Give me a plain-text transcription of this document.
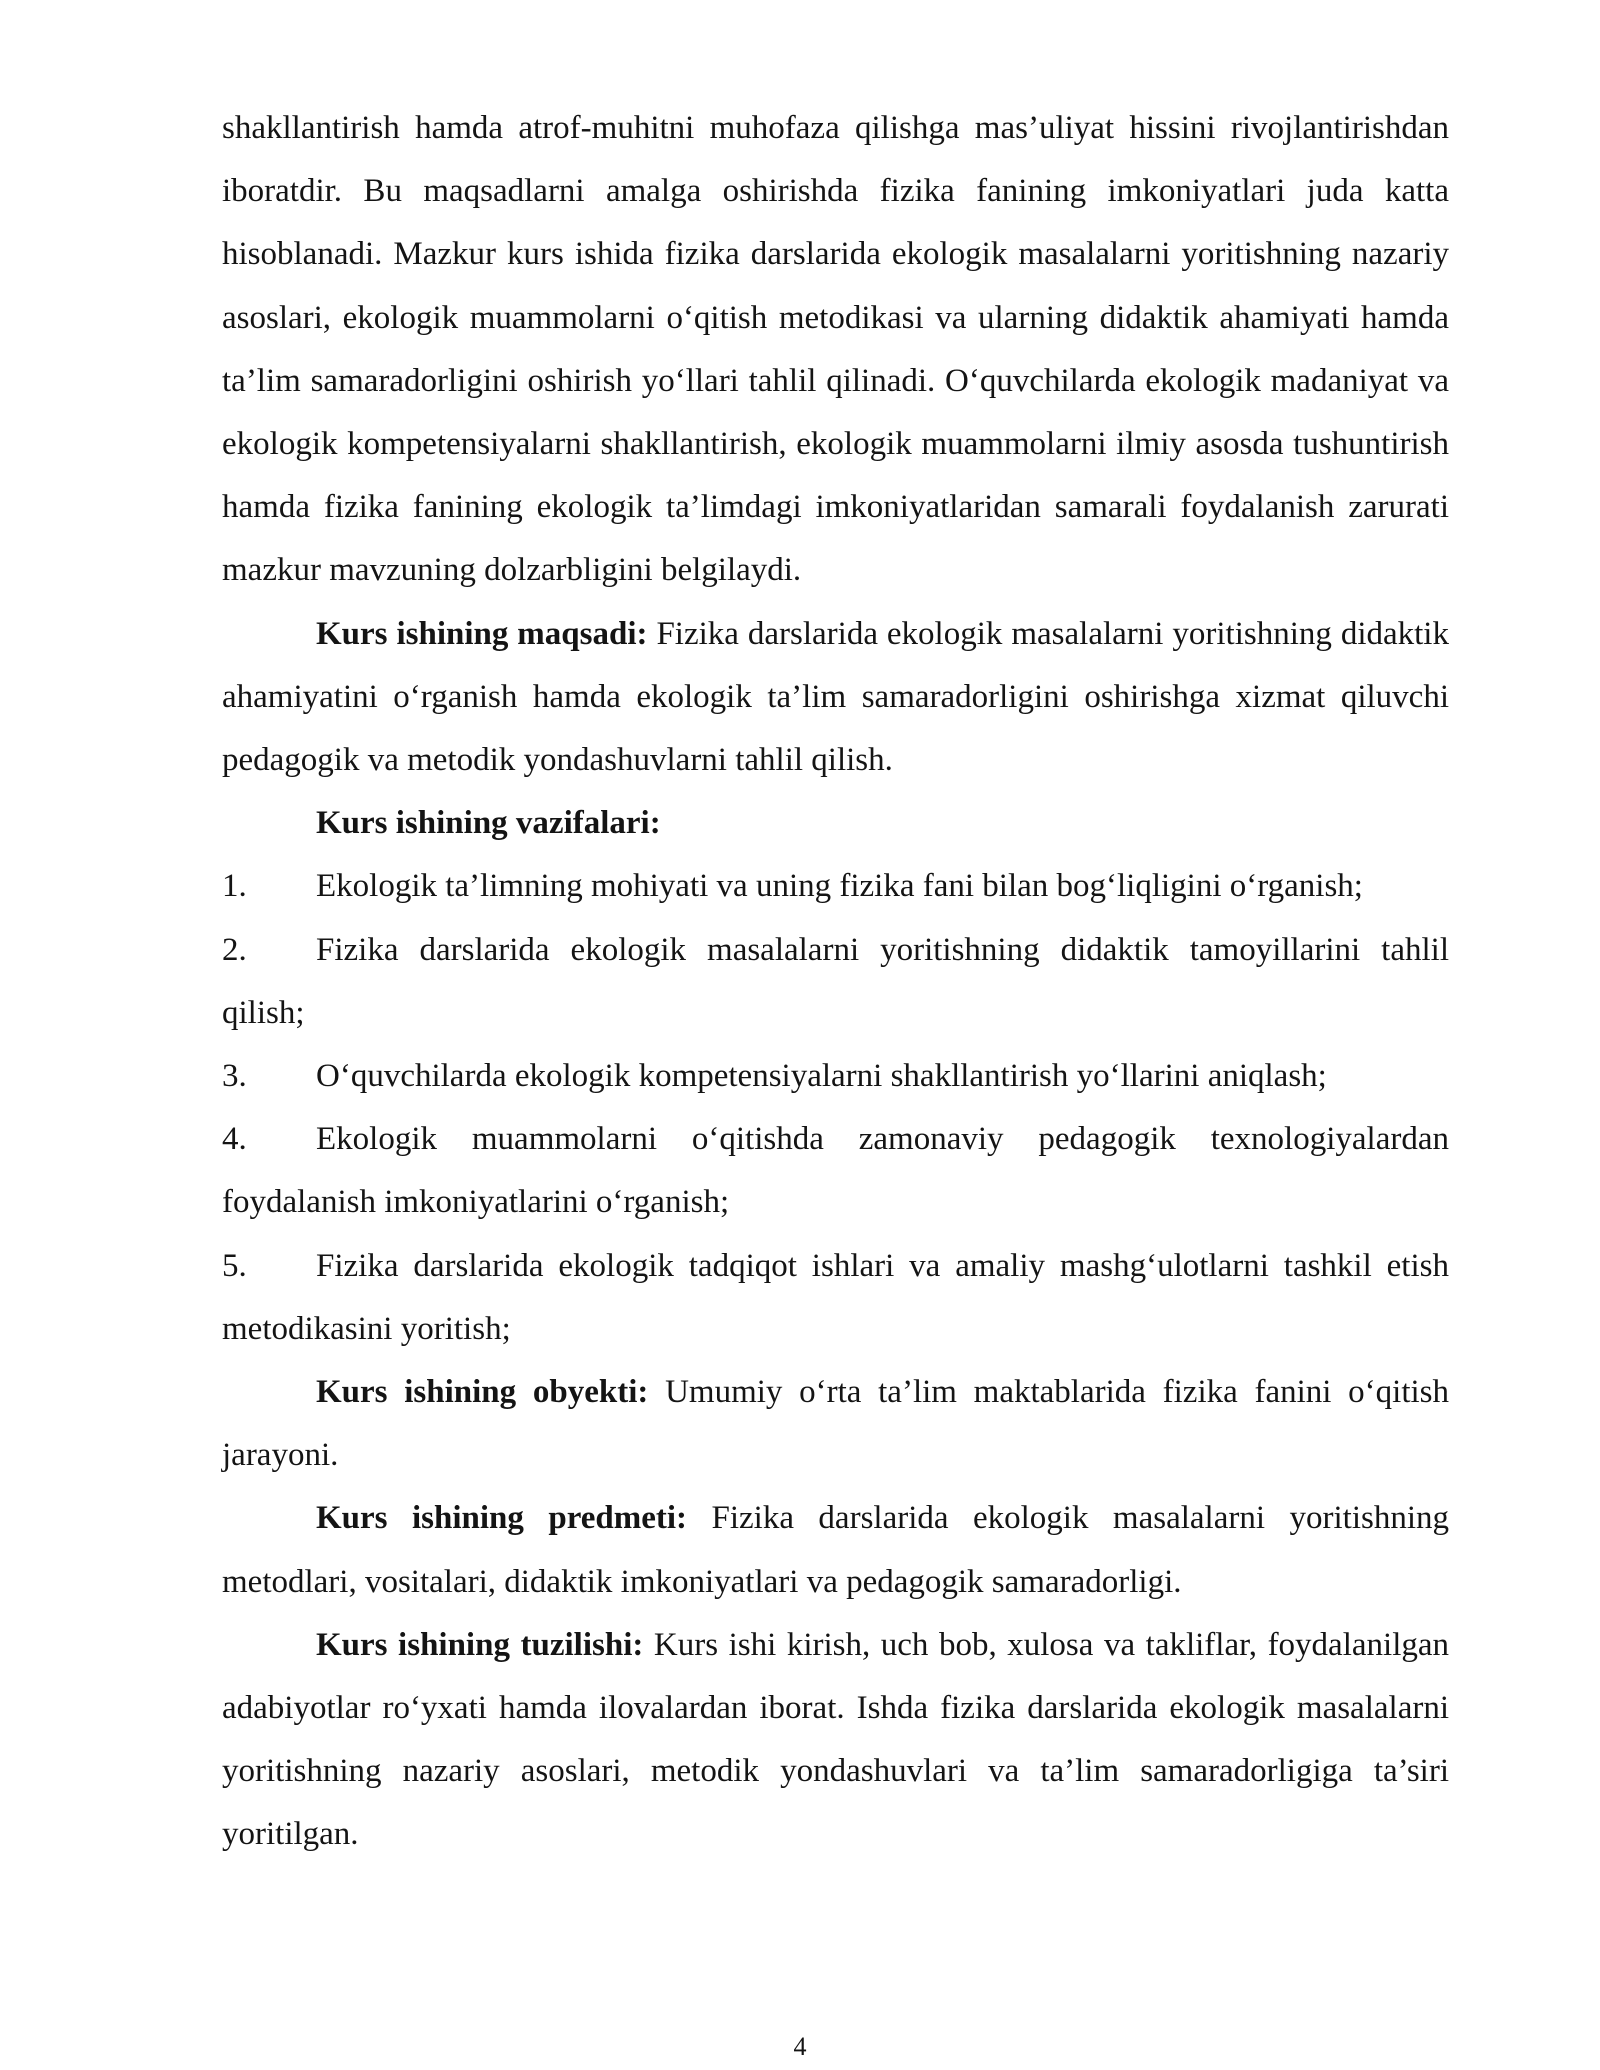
shakllantirish hamda atrof-muhitni muhofaza qilishga mas’uliyat hissini rivojlantirishdan iboratdir. Bu maqsadlarni amalga oshirishda fizika fanining imkoniyatlari juda katta hisoblanadi. Mazkur kurs ishida fizika darslarida ekologik masalalarni yoritishning nazariy asoslari, ekologik muammolarni o‘qitish metodikasi va ularning didaktik ahamiyati hamda ta’lim samaradorligini oshirish yo‘llari tahlil qilinadi. O‘quvchilarda ekologik madaniyat va ekologik kompetensiyalarni shakllantirish, ekologik muammolarni ilmiy asosda tushuntirish hamda fizika fanining ekologik ta’limdagi imkoniyatlaridan samarali foydalanish zarurati mazkur mavzuning dolzarbligini belgilaydi.

Kurs ishining maqsadi: Fizika darslarida ekologik masalalarni yoritishning didaktik ahamiyatini o‘rganish hamda ekologik ta’lim samaradorligini oshirishga xizmat qiluvchi pedagogik va metodik yondashuvlarni tahlil qilish.

Kurs ishining vazifalari:

1. Ekologik ta’limning mohiyati va uning fizika fani bilan bog‘liqligini o‘rganish;
2. Fizika darslarida ekologik masalalarni yoritishning didaktik tamoyillarini tahlil qilish;
3. O‘quvchilarda ekologik kompetensiyalarni shakllantirish yo‘llarini aniqlash;
4. Ekologik muammolarni o‘qitishda zamonaviy pedagogik texnologiyalardan foydalanish imkoniyatlarini o‘rganish;
5. Fizika darslarida ekologik tadqiqot ishlari va amaliy mashg‘ulotlarni tashkil etish metodikasini yoritish;

Kurs ishining obyekti: Umumiy o‘rta ta’lim maktablarida fizika fanini o‘qitish jarayoni.

Kurs ishining predmeti: Fizika darslarida ekologik masalalarni yoritishning metodlari, vositalari, didaktik imkoniyatlari va pedagogik samaradorligi.

Kurs ishining tuzilishi: Kurs ishi kirish, uch bob, xulosa va takliflar, foydalanilgan adabiyotlar ro‘yxati hamda ilovalardan iborat. Ishda fizika darslarida ekologik masalalarni yoritishning nazariy asoslari, metodik yondashuvlari va ta’lim samaradorligiga ta’siri yoritilgan.

4
